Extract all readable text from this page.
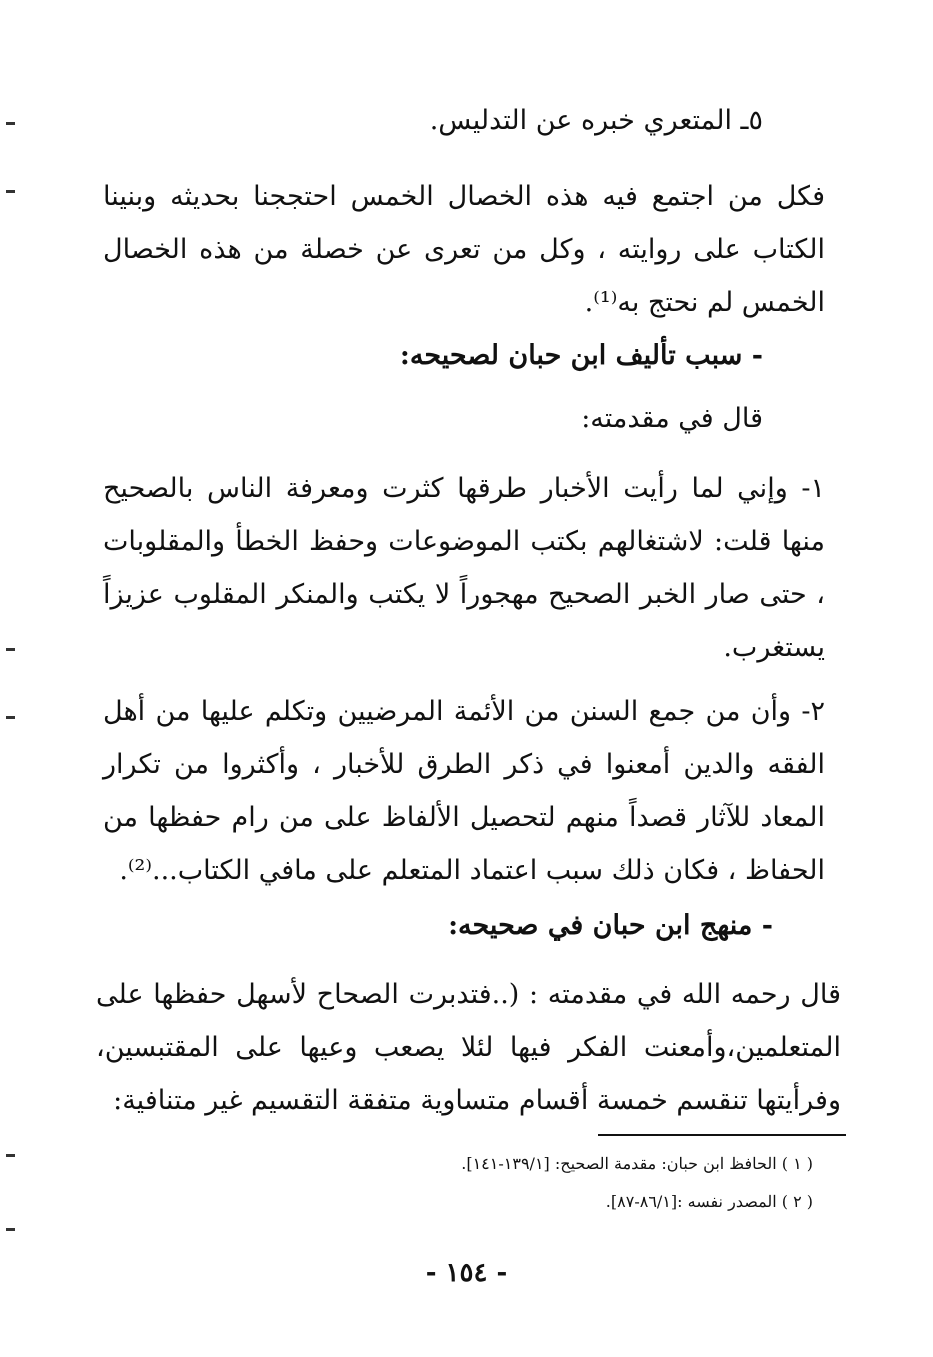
٥ـ المتعري خبره عن التدليس.
فكل من اجتمع فيه هذه الخصال الخمس احتججنا بحديثه وبنينا الكتاب على روايته ، وكل من تعرى عن خصلة من هذه الخصال الخمس لم نحتج به⁽¹⁾.
- سبب تأليف ابن حبان لصحيحه:
قال في مقدمته:
١- وإني لما رأيت الأخبار طرقها كثرت ومعرفة الناس بالصحيح منها قلت: لاشتغالهم بكتب الموضوعات وحفظ الخطأ والمقلوبات ، حتى صار الخبر الصحيح مهجوراً لا يكتب والمنكر المقلوب عزيزاً يستغرب.
٢- وأن من جمع السنن من الأئمة المرضيين وتكلم عليها من أهل الفقه والدين أمعنوا في ذكر الطرق للأخبار ، وأكثروا من تكرار المعاد للآثار قصداً منهم لتحصيل الألفاظ على من رام حفظها من الحفاظ ، فكان ذلك سبب اعتماد المتعلم على مافي الكتاب...⁽²⁾.
- منهج ابن حبان في صحيحه:
قال رحمه الله في مقدمته : (..فتدبرت الصحاح لأسهل حفظها على المتعلمين،وأمعنت الفكر فيها لئلا يصعب وعيها على المقتبسين، وفرأيتها تنقسم خمسة أقسام متساوية متفقة التقسيم غير متنافية:
( ١ ) الحافظ ابن حبان: مقدمة الصحيح: [١٣٩/١-١٤١].
( ٢ ) المصدر نفسه :[٨٦/١-٨٧].
- ١٥٤ -
